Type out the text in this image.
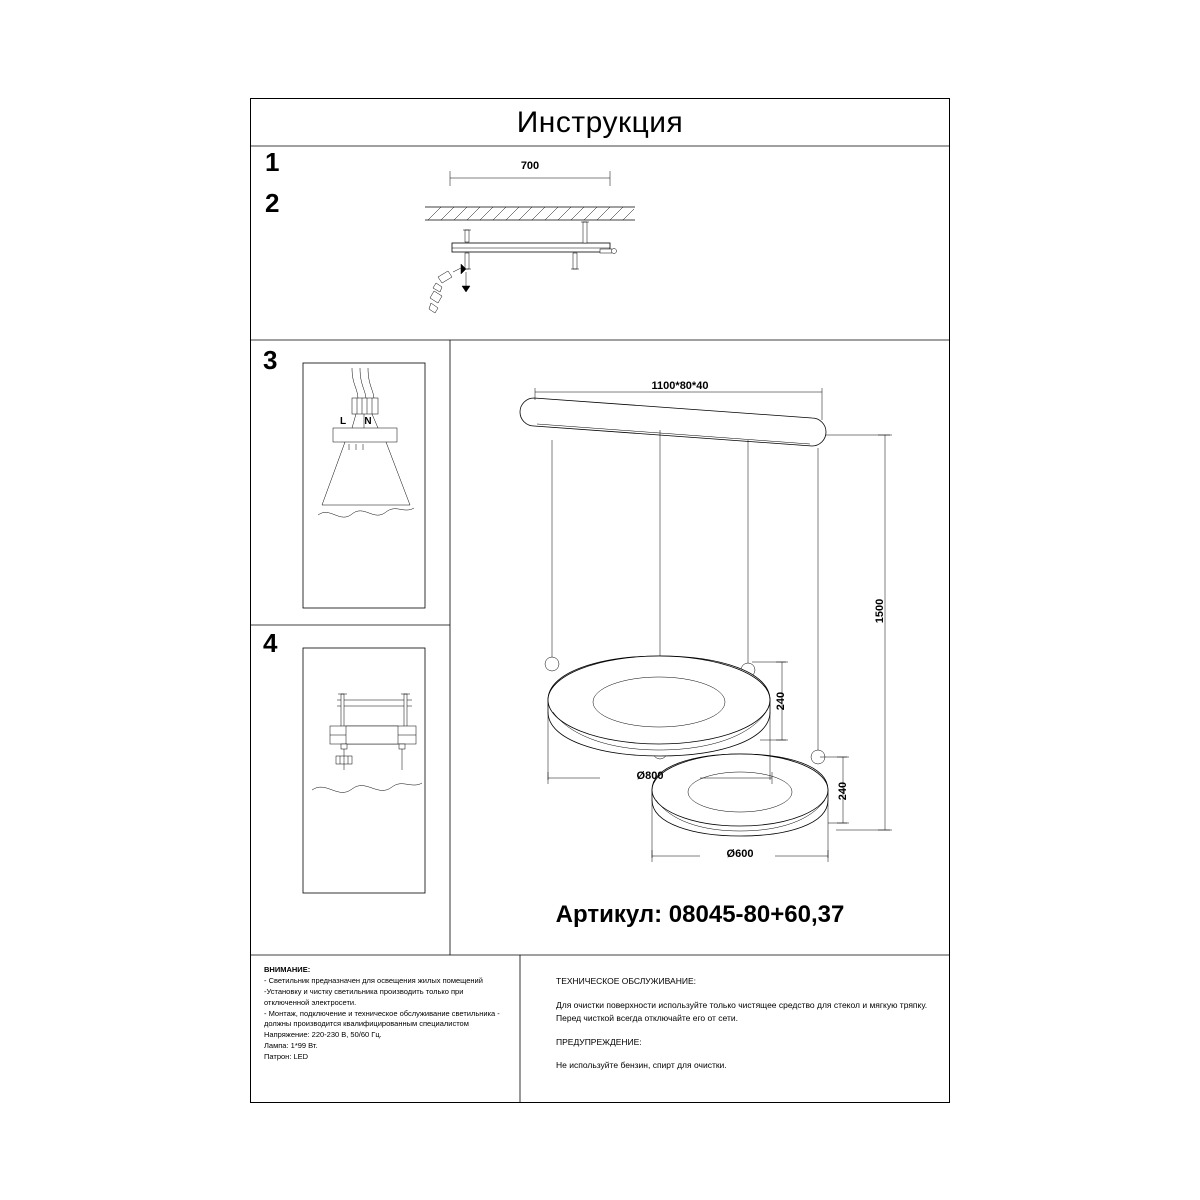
Инструкция
1
2
3
4
700
L N
1100*80*40
1500
240
240
Ø800
Ø600
Артикул: 08045-80+60,37
ВНИМАНИЕ:
- Светильник предназначен для освещения жилых помещений
-Установку и чистку светильника производить только при отключенной электросети.
- Монтаж, подключение и техническое обслуживание светильника - должны производится квалифицированным специалистом
Напряжение: 220-230 В, 50/60 Гц.
Лампа: 1*99 Вт.
Патрон: LED
ТЕХНИЧЕСКОЕ ОБСЛУЖИВАНИЕ:
Для очистки поверхности используйте только чистящее средство для стекол и мягкую тряпку.
Перед чисткой всегда отключайте его от сети.
ПРЕДУПРЕЖДЕНИЕ:
Не используйте бензин, спирт для очистки.
